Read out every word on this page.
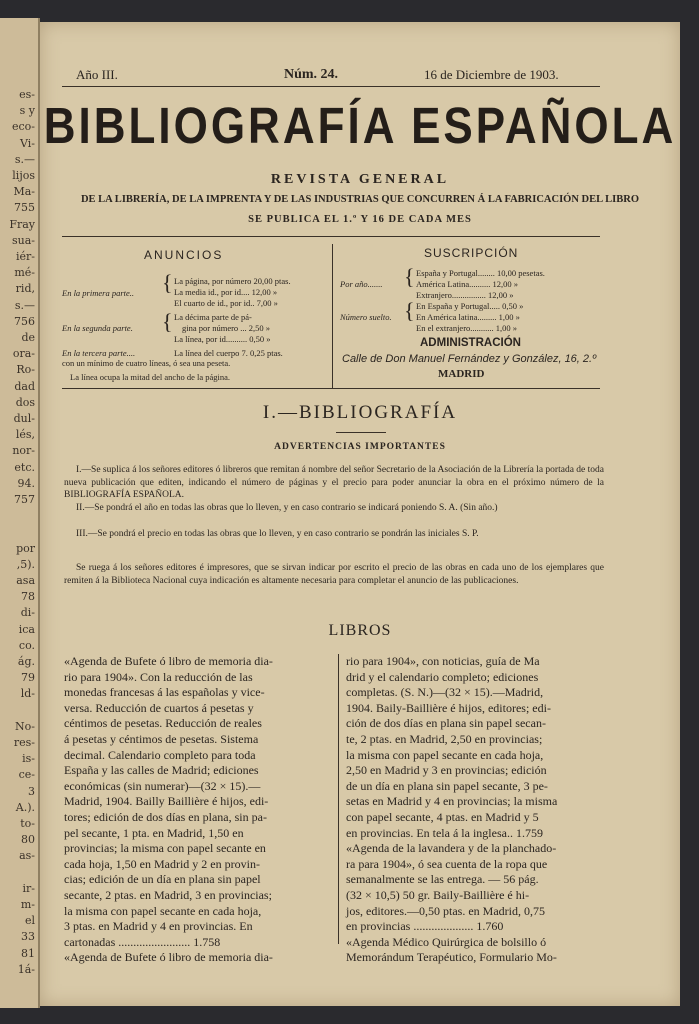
es-
s y
eco-
Vi-
s.—
lijos
Ma-
755
Fray
sua-
iér-
mé-
rid,
s.—
756
de
ora-
Ro-
dad
dos
dul-
lés,
nor-
etc.
94.
757
por
,5).
asa
78
di-
ica
co.
ág.
79
ld-
No-
res-
is-
ce-
3
A.).
to-
80
as-
ir-
m-
el
33
81
1á-
Año III.	Núm. 24.	16 de Diciembre de 1903.
BIBLIOGRAFÍA ESPAÑOLA
REVISTA GENERAL
DE LA LIBRERÍA, DE LA IMPRENTA Y DE LAS INDUSTRIAS QUE CONCURREN Á LA FABRICACIÓN DEL LIBRO
SE PUBLICA EL 1.º Y 16 DE CADA MES
ANUNCIOS
En la primera parte.. { La página, por número 20,00 ptas.
La media id., por id.... 12,00 »
El cuarto de id., por id.. 7,00 »
En la segunda parte. { La décima parte de pá-
gina por número ... 2,50 »
La línea, por id.......... 0,50 »
En la tercera parte....	La línea del cuerpo 7. 0,25 ptas.
con un mínimo de cuatro líneas, ó sea una peseta.
La línea ocupa la mitad del ancho de la página.
SUSCRIPCIÓN
Por año....... { España y Portugal........ 10,00 pesetas.
América Latina.......... 12,00 »
Extranjero................ 12,00 »
Número suelto. { En España y Portugal..... 0,50 »
En América latina......... 1,00 »
En el extranjero........... 1,00 »
ADMINISTRACIÓN
Calle de Don Manuel Fernández y González, 16, 2.º
MADRID
I.—BIBLIOGRAFÍA
ADVERTENCIAS IMPORTANTES
I.—Se suplica á los señores editores ó libreros que remitan á nombre del señor Secretario de la Asociación de la Librería la portada de toda nueva publicación que editen, indicando el número de páginas y el precio para poder anunciar la obra en el próximo número de la BIBLIOGRAFÍA ESPAÑOLA.
II.—Se pondrá el año en todas las obras que lo lleven, y en caso contrario se indicará poniendo S. A. (Sin año.)
III.—Se pondrá el precio en todas las obras que lo lleven, y en caso contrario se pondrán las iniciales S. P.
Se ruega á los señores editores é impresores, que se sirvan indicar por escrito el precio de las obras en cada uno de los ejemplares que remiten á la Biblioteca Nacional cuya indicación es altamente necesaria para completar el anuncio de las publicaciones.
LIBROS
«Agenda de Bufete ó libro de memoria dia-
rio para 1904». Con la reducción de las
monedas francesas á las españolas y vice-
versa. Reducción de cuartos á pesetas y
céntimos de pesetas. Reducción de reales
á pesetas y céntimos de pesetas. Sistema
decimal. Calendario completo para toda
España y las calles de Madrid; ediciones
económicas (sin numerar)—(32 × 15).—
Madrid, 1904. Bailly Baillière é hijos, edi-
tores; edición de dos días en plana, sin pa-
pel secante, 1 pta. en Madrid, 1,50 en
provincias; la misma con papel secante en
cada hoja, 1,50 en Madrid y 2 en provin-
cias; edición de un día en plana sin papel
secante, 2 ptas. en Madrid, 3 en provincias;
la misma con papel secante en cada hoja,
3 ptas. en Madrid y 4 en provincias. En
cartonadas ........................ 1.758
«Agenda de Bufete ó libro de memoria dia-
rio para 1904», con noticias, guía de Ma
drid y el calendario completo; ediciones
completas. (S. N.)—(32 × 15).—Madrid,
1904. Baily-Baillière é hijos, editores; edi-
ción de dos días en plana sin papel secan-
te, 2 ptas. en Madrid, 2,50 en provincias;
la misma con papel secante en cada hoja,
2,50 en Madrid y 3 en provincias; edición
de un día en plana sin papel secante, 3 pe-
setas en Madrid y 4 en provincias; la misma
con papel secante, 4 ptas. en Madrid y 5
en provincias. En tela á la inglesa.. 1.759
«Agenda de la lavandera y de la planchado-
ra para 1904», ó sea cuenta de la ropa que
semanalmente se las entrega. — 56 pág.
(32 × 10,5) 50 gr. Baily-Baillière é hi-
jos, editores.—0,50 ptas. en Madrid, 0,75
en provincias .................... 1.760
«Agenda Médico Quirúrgica de bolsillo ó
Memorándum Terapéutico, Formulario Mo-
